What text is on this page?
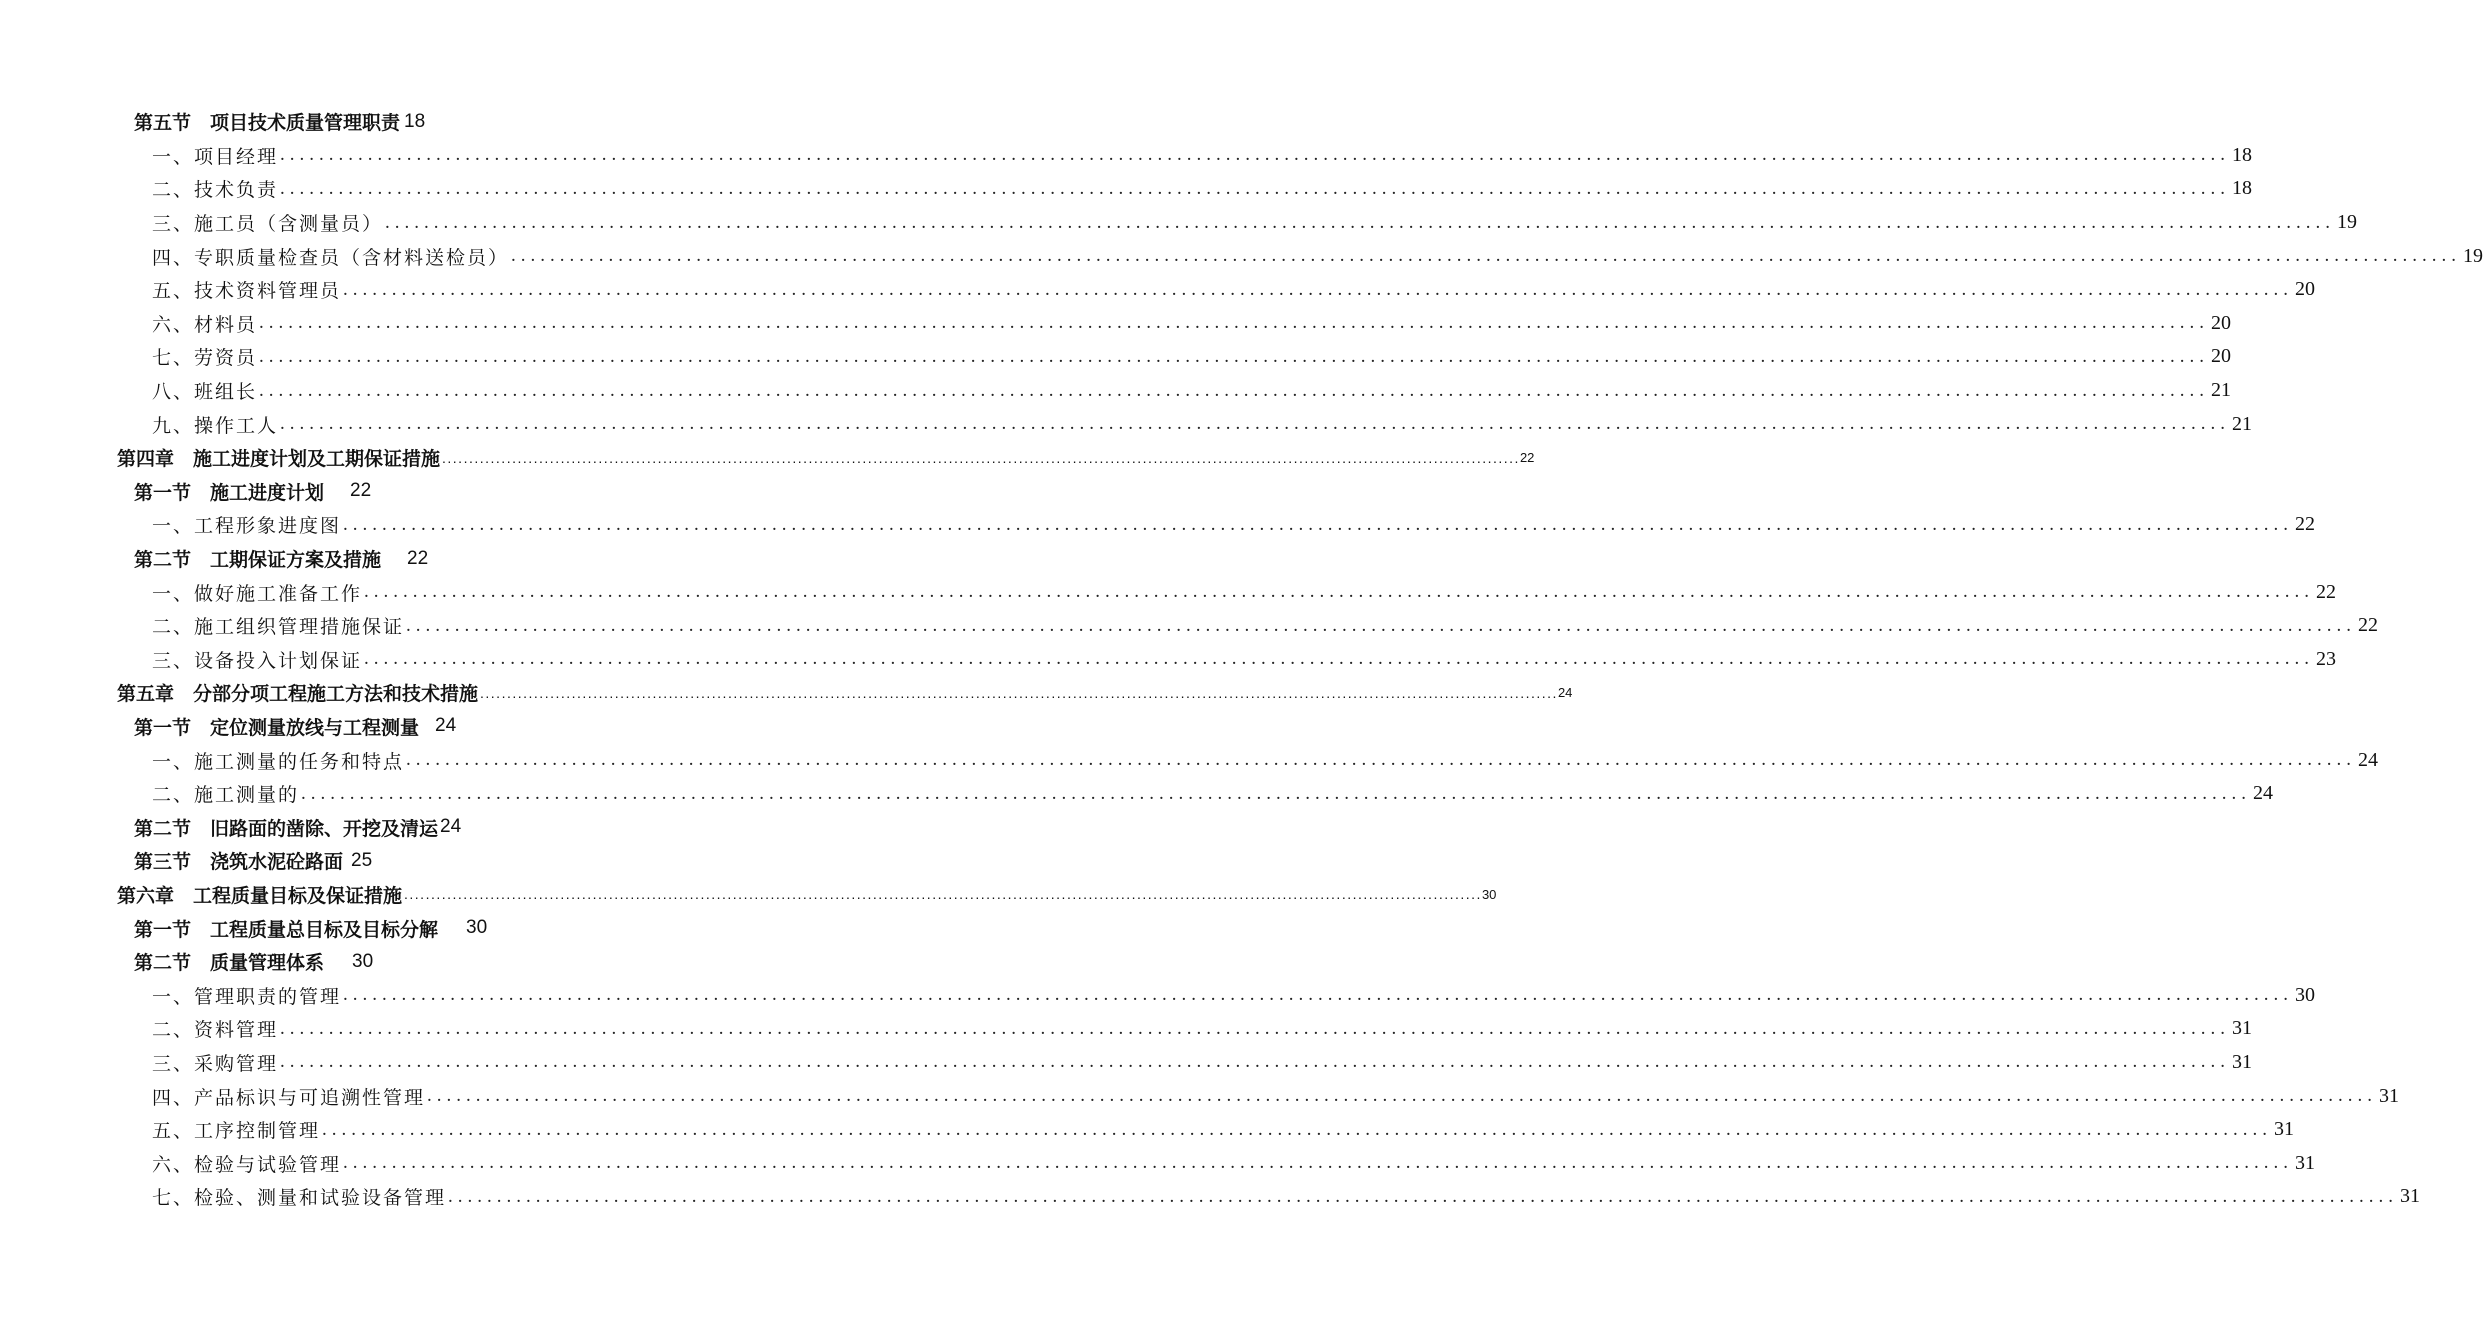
第五节　项目技术质量管理职责 18
一、项目经理 ........................................................................................................................................................................................................ 18
二、技术负责 ........................................................................................................................................................................................................ 18
三、施工员（含测量员） ........................................................................................................................................................................................................ 19
四、专职质量检查员（含材料送检员） ........................................................................................................................................................................................................ 19
五、技术资料管理员 ........................................................................................................................................................................................................ 20
六、材料员 ........................................................................................................................................................................................................ 20
七、劳资员 ........................................................................................................................................................................................................ 20
八、班组长 ........................................................................................................................................................................................................ 21
九、操作工人 ........................................................................................................................................................................................................ 21
第四章　施工进度计划及工期保证措施 ........................................................................................................................................................................................................ 22
第一节　施工进度计划 22
一、工程形象进度图 ........................................................................................................................................................................................................ 22
第二节　工期保证方案及措施 22
一、做好施工准备工作 ........................................................................................................................................................................................................ 22
二、施工组织管理措施保证 ........................................................................................................................................................................................................ 22
三、设备投入计划保证 ........................................................................................................................................................................................................ 23
第五章　分部分项工程施工方法和技术措施 ........................................................................................................................................................................................................ 24
第一节　定位测量放线与工程测量 24
一、施工测量的任务和特点 ........................................................................................................................................................................................................ 24
二、施工测量的 ........................................................................................................................................................................................................ 24
第二节　旧路面的凿除、开挖及清运 24
第三节　浇筑水泥砼路面 25
第六章　工程质量目标及保证措施 ........................................................................................................................................................................................................ 30
第一节　工程质量总目标及目标分解 30
第二节　质量管理体系 30
一、管理职责的管理 ........................................................................................................................................................................................................ 30
二、资料管理 ........................................................................................................................................................................................................ 31
三、采购管理 ........................................................................................................................................................................................................ 31
四、产品标识与可追溯性管理 ........................................................................................................................................................................................................ 31
五、工序控制管理 ........................................................................................................................................................................................................ 31
六、检验与试验管理 ........................................................................................................................................................................................................ 31
七、检验、测量和试验设备管理 ........................................................................................................................................................................................................ 31
